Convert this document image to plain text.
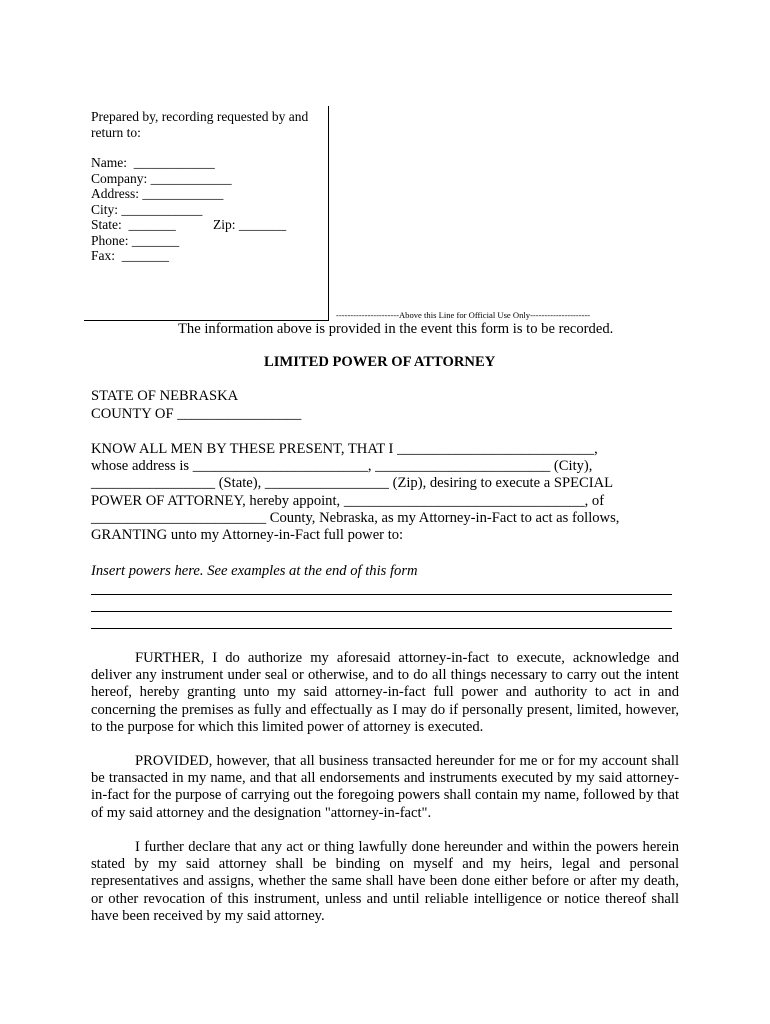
Prepared by, recording requested by and
return to:
Name:  ____________
Company: ____________
Address: ____________
City: ____________
State:  _______	Zip: _______
Phone: _______
Fax:  _______
----------------------Above this Line for Official Use Only---------------------
The information above is provided in the event this form is to be recorded.
LIMITED POWER OF ATTORNEY
STATE OF NEBRASKA
COUNTY OF _________________
KNOW ALL MEN BY THESE PRESENT, THAT I ___________________________,
whose address is ________________________, ________________________ (City),
_________________ (State), _________________ (Zip), desiring to execute a SPECIAL
POWER OF ATTORNEY, hereby appoint, _________________________________, of
________________________ County, Nebraska, as my Attorney-in-Fact to act as follows,
GRANTING unto my Attorney-in-Fact full power to:
Insert powers here. See examples at the end of this form
FURTHER, I do authorize my aforesaid attorney-in-fact to execute, acknowledge and deliver any instrument under seal or otherwise, and to do all things necessary to carry out the intent hereof, hereby granting unto my said attorney-in-fact full power and authority to act in and concerning the premises as fully and effectually as I may do if personally present, limited, however, to the purpose for which this limited power of attorney is executed.
PROVIDED, however, that all business transacted hereunder for me or for my account shall be transacted in my name, and that all endorsements and instruments executed by my said attorney-in-fact for the purpose of carrying out the foregoing powers shall contain my name, followed by that of my said attorney and the designation "attorney-in-fact".
I further declare that any act or thing lawfully done hereunder and within the powers herein stated by my said attorney shall be binding on myself and my heirs, legal and personal representatives and assigns, whether the same shall have been done either before or after my death, or other revocation of this instrument, unless and until reliable intelligence or notice thereof shall have been received by my said attorney.
